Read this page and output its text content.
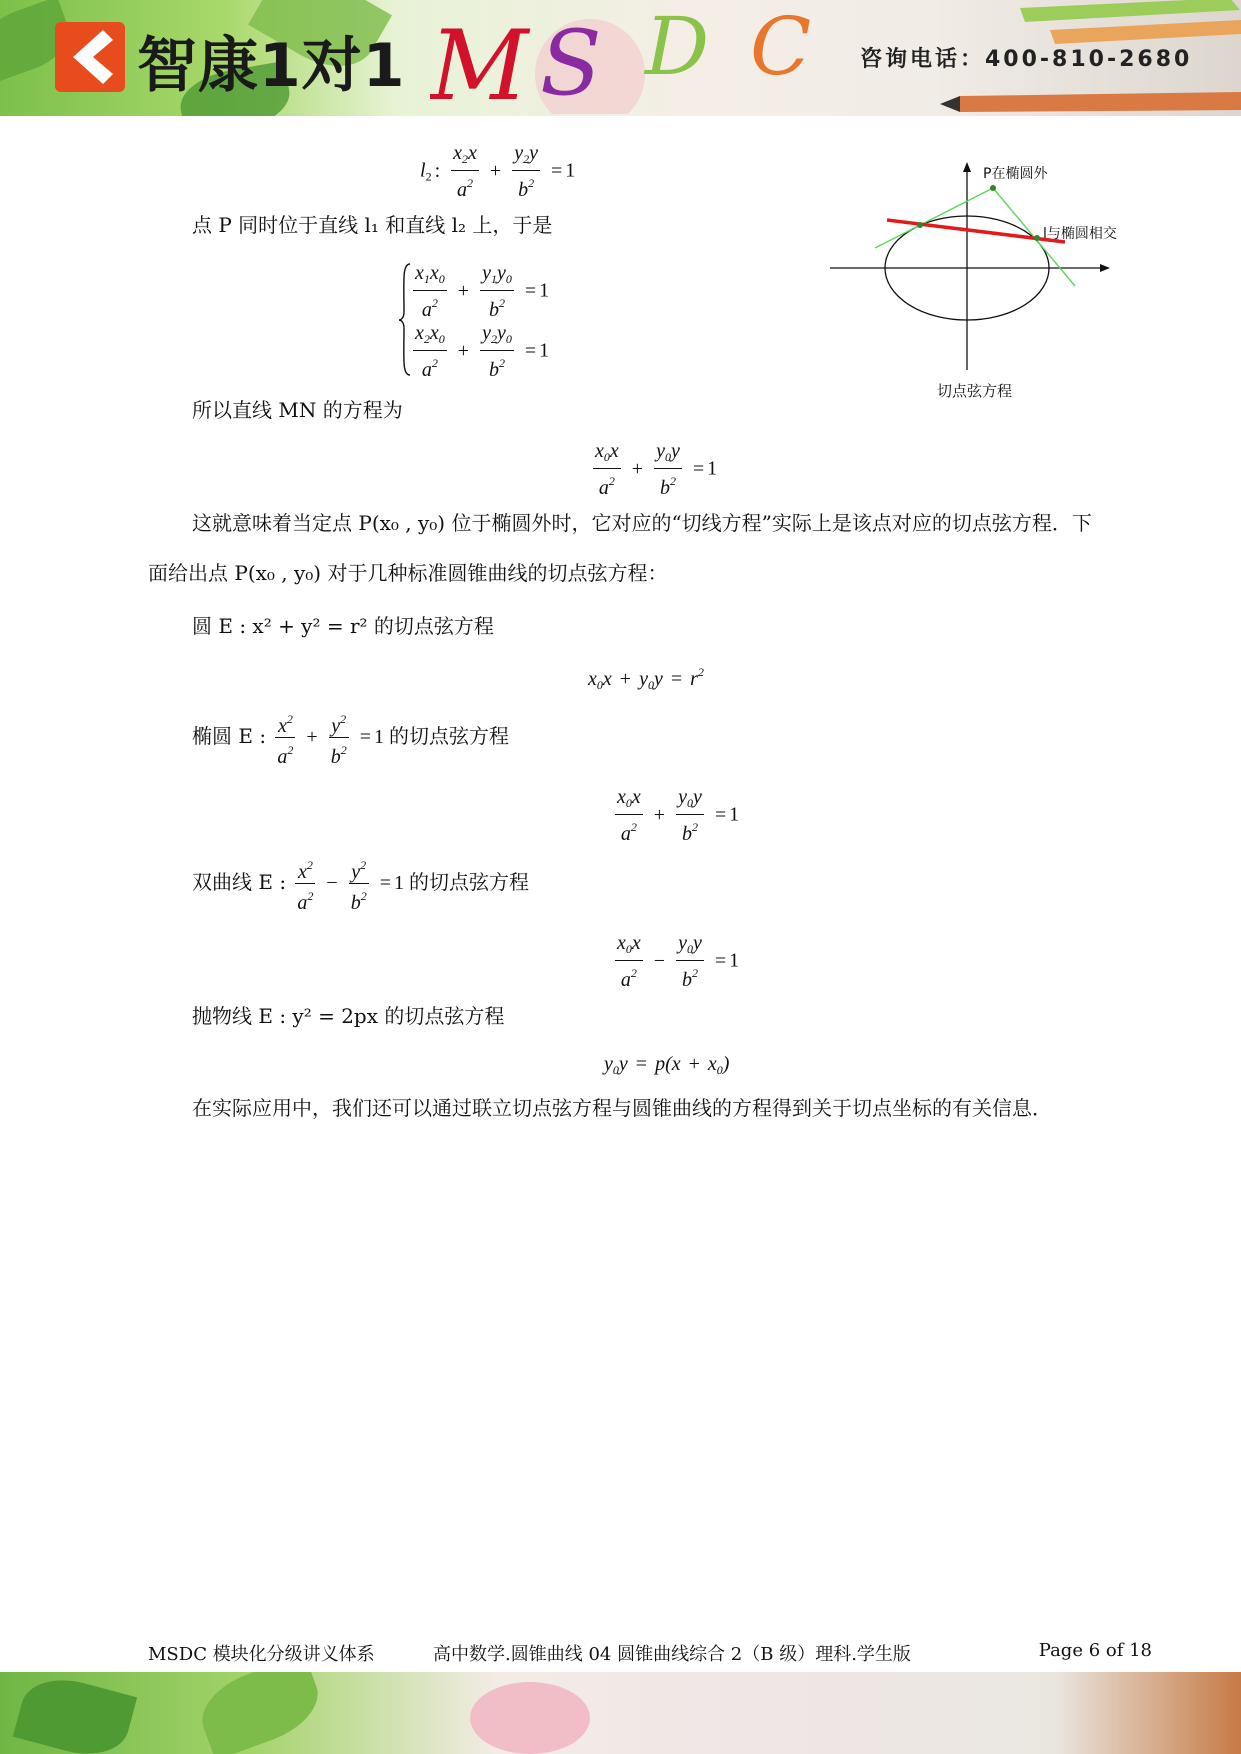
智康1对1 M S D C 咨询电话：400-810-2680
$l_2$ : $\frac{x_2x}{a^2} + \frac{y_2y}{b^2} = 1$
点 P 同时位于直线 l₁ 和直线 l₂ 上，于是
$\frac{x_1x_0}{a^2} + \frac{y_1y_0}{b^2} = 1$
$\frac{x_2x_0}{a^2} + \frac{y_2y_0}{b^2} = 1$
所以直线 MN 的方程为
$\frac{x_0x}{a^2} + \frac{y_0y}{b^2} = 1$
这就意味着当定点 P(x₀ , y₀) 位于椭圆外时，它对应的“切线方程”实际上是该点对应的切点弦方程．下
面给出点 P(x₀ , y₀) 对于几种标准圆锥曲线的切点弦方程：
圆 E : x² + y² = r² 的切点弦方程
$x_0x + y_0y = r^2$
椭圆 E : $\frac{x^2}{a^2} + \frac{y^2}{b^2} = 1$ 的切点弦方程
$\frac{x_0x}{a^2} + \frac{y_0y}{b^2} = 1$
双曲线 E : $\frac{x^2}{a^2} - \frac{y^2}{b^2} = 1$ 的切点弦方程
$\frac{x_0x}{a^2} - \frac{y_0y}{b^2} = 1$
抛物线 E : y² = 2px 的切点弦方程
$y_0y = p(x + x_0)$
在实际应用中，我们还可以通过联立切点弦方程与圆锥曲线的方程得到关于切点坐标的有关信息．
P在椭圆外
l与椭圆相交
切点弦方程
MSDC 模块化分级讲义体系	高中数学.圆锥曲线 04 圆锥曲线综合 2（B 级）理科.学生版	Page 6 of 18
